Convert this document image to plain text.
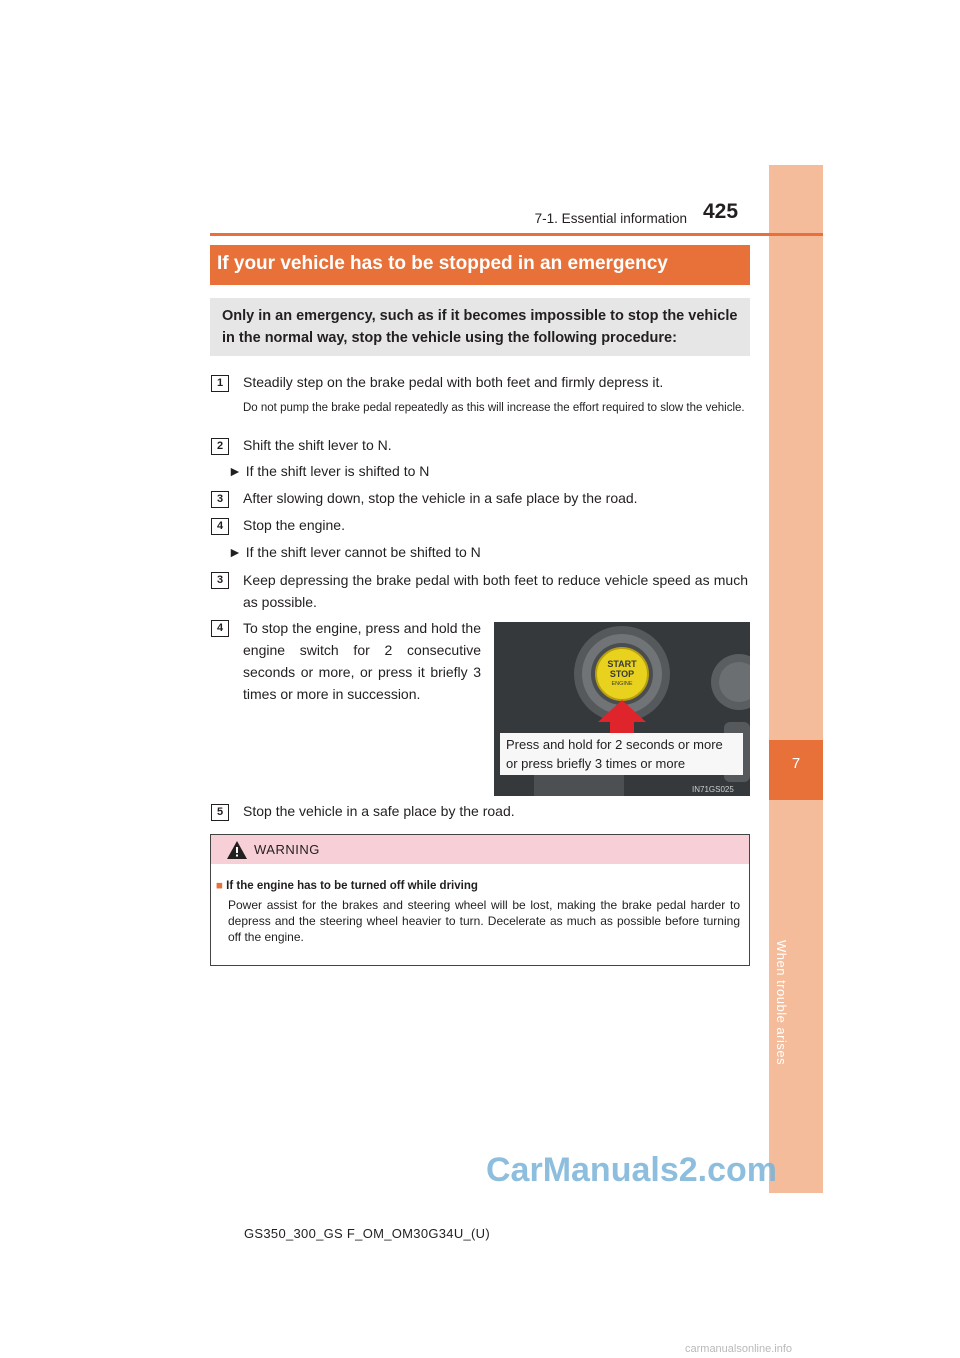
7
When trouble arises
7-1. Essential information 425
If your vehicle has to be stopped in an emergency
Only in an emergency, such as if it becomes impossible to stop the vehicle in the normal way, stop the vehicle using the following procedure:
1	Steadily step on the brake pedal with both feet and firmly depress it.
Do not pump the brake pedal repeatedly as this will increase the effort required to slow the vehicle.
2	Shift the shift lever to N.
► If the shift lever is shifted to N
3	After slowing down, stop the vehicle in a safe place by the road.
4	Stop the engine.
► If the shift lever cannot be shifted to N
3	Keep depressing the brake pedal with both feet to reduce vehicle speed as much as possible.
4	To stop the engine, press and hold the engine switch for 2 consecutive seconds or more, or press it briefly 3 times or more in succession.
START
STOP
ENGINE
Press and hold for 2 seconds or more or press briefly 3 times or more
IN71GS025
5	Stop the vehicle in a safe place by the road.
WARNING
■ If the engine has to be turned off while driving
Power assist for the brakes and steering wheel will be lost, making the brake pedal harder to depress and the steering wheel heavier to turn. Decelerate as much as possible before turning off the engine.
CarManuals2.com
GS350_300_GS F_OM_OM30G34U_(U)
carmanualsonline.info
